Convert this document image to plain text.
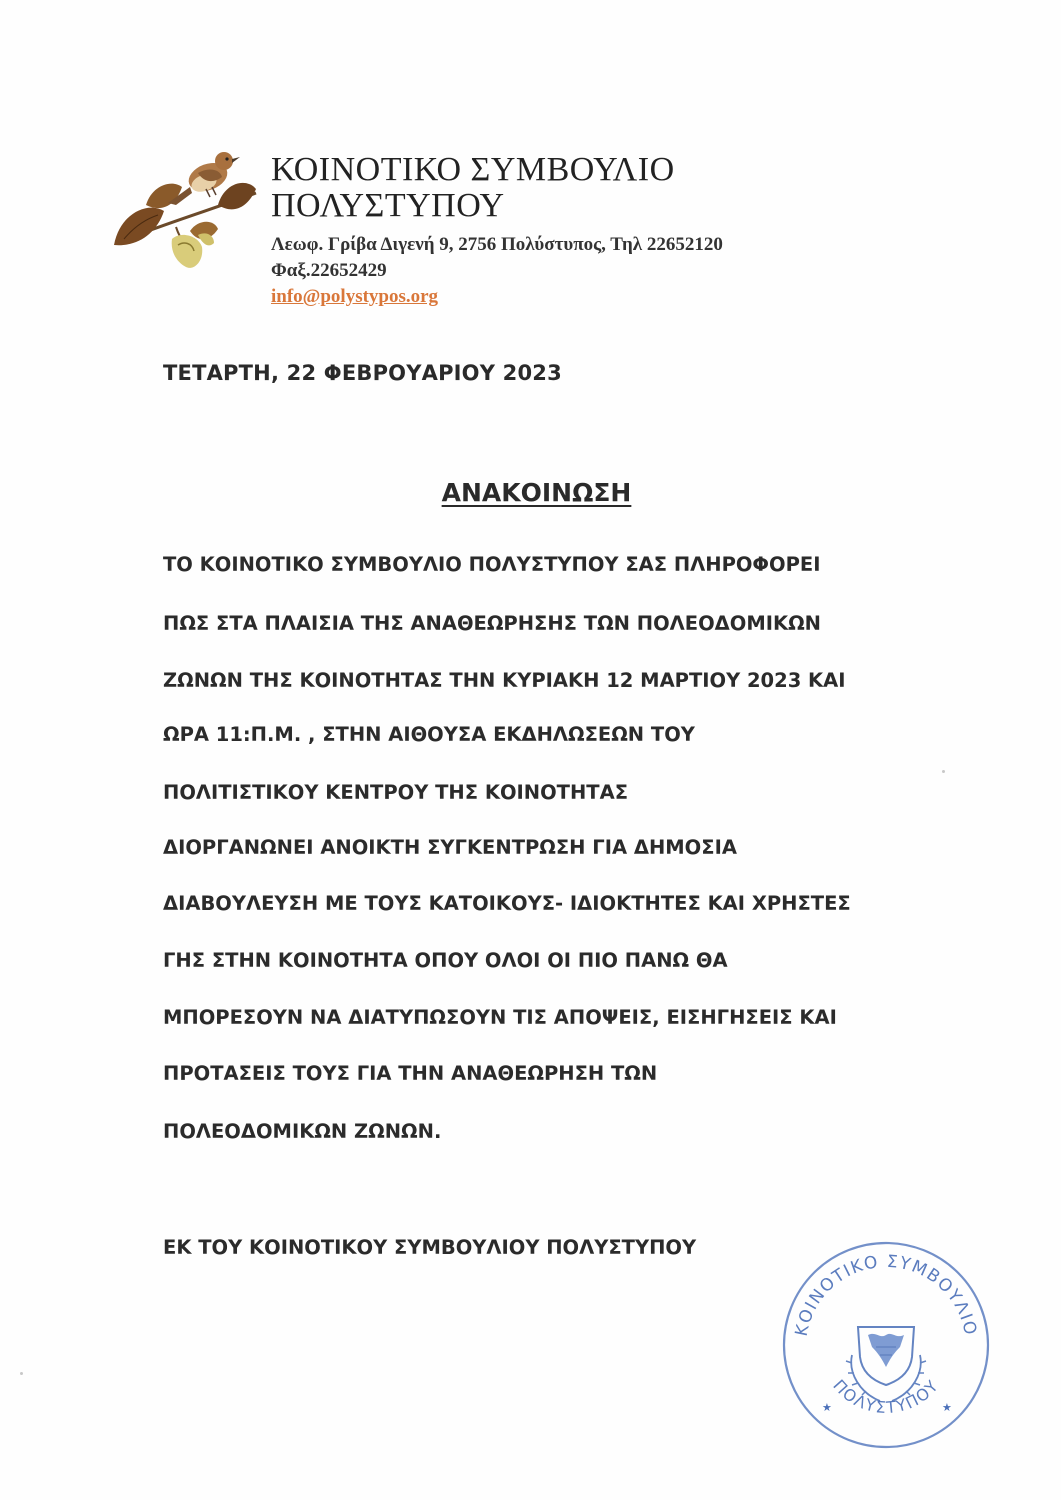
ΚΟΙΝΟΤΙΚΟ ΣΥΜΒΟΥΛΙΟ
ΠΟΛΥΣΤΥΠΟΥ
Λεωφ. Γρίβα Διγενή 9, 2756 Πολύστυπος, Τηλ 22652120
Φαξ.22652429
info@polystypos.org
ΤΕΤΑΡΤΗ, 22 ΦΕΒΡΟΥΑΡΙΟΥ 2023
ΑΝΑΚΟΙΝΩΣΗ
ΤΟ ΚΟΙΝΟΤΙΚΟ ΣΥΜΒΟΥΛΙΟ ΠΟΛΥΣΤΥΠΟΥ ΣΑΣ ΠΛΗΡΟΦΟΡΕΙ
ΠΩΣ ΣΤΑ ΠΛΑΙΣΙΑ ΤΗΣ ΑΝΑΘΕΩΡΗΣΗΣ ΤΩΝ ΠΟΛΕΟΔΟΜΙΚΩΝ
ΖΩΝΩΝ ΤΗΣ ΚΟΙΝΟΤΗΤΑΣ ΤΗΝ ΚΥΡΙΑΚΗ 12 ΜΑΡΤΙΟΥ 2023 ΚΑΙ
ΩΡΑ 11:Π.Μ. , ΣΤΗΝ ΑΙΘΟΥΣΑ ΕΚΔΗΛΩΣΕΩΝ ΤΟΥ
ΠΟΛΙΤΙΣΤΙΚΟΥ ΚΕΝΤΡΟΥ ΤΗΣ ΚΟΙΝΟΤΗΤΑΣ
ΔΙΟΡΓΑΝΩΝΕΙ ΑΝΟΙΚΤΗ ΣΥΓΚΕΝΤΡΩΣΗ ΓΙΑ ΔΗΜΟΣΙΑ
ΔΙΑΒΟΥΛΕΥΣΗ ΜΕ ΤΟΥΣ ΚΑΤΟΙΚΟΥΣ- ΙΔΙΟΚΤΗΤΕΣ ΚΑΙ ΧΡΗΣΤΕΣ
ΓΗΣ ΣΤΗΝ ΚΟΙΝΟΤΗΤΑ ΟΠΟΥ ΟΛΟΙ ΟΙ ΠΙΟ ΠΑΝΩ ΘΑ
ΜΠΟΡΕΣΟΥΝ ΝΑ ΔΙΑΤΥΠΩΣΟΥΝ ΤΙΣ ΑΠΟΨΕΙΣ, ΕΙΣΗΓΗΣΕΙΣ ΚΑΙ
ΠΡΟΤΑΣΕΙΣ ΤΟΥΣ ΓΙΑ ΤΗΝ ΑΝΑΘΕΩΡΗΣΗ ΤΩΝ
ΠΟΛΕΟΔΟΜΙΚΩΝ ΖΩΝΩΝ.
ΕΚ ΤΟΥ ΚΟΙΝΟΤΙΚΟΥ ΣΥΜΒΟΥΛΙΟΥ ΠΟΛΥΣΤΥΠΟΥ
ΚΟΙΝΟΤΙΚΟ ΣΥΜΒΟΥΛΙΟ
ΠΟΛΥΣΤΥΠΟΥ
★	★
